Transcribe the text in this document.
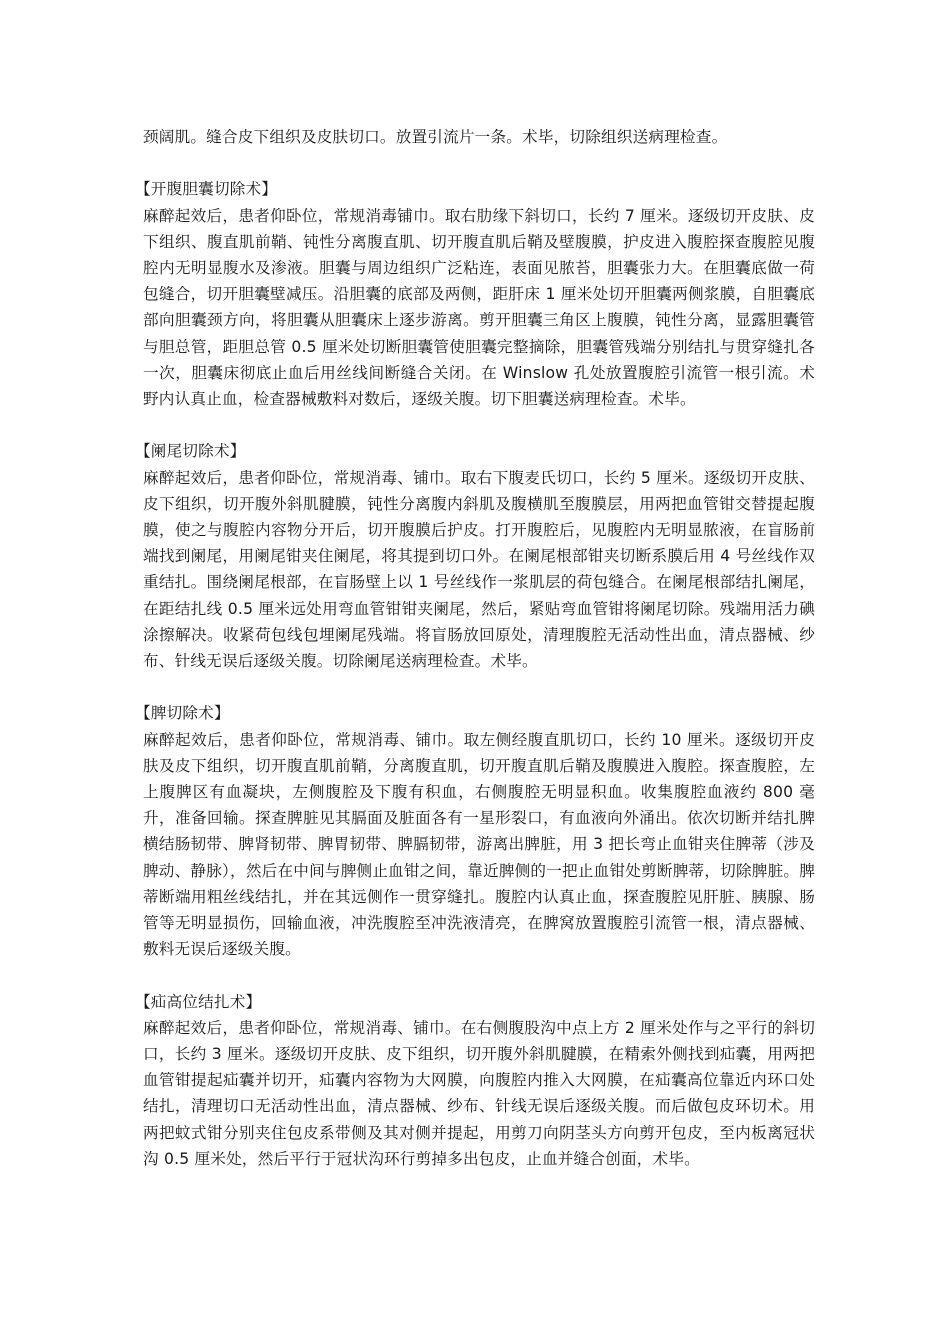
颈阔肌。缝合皮下组织及皮肤切口。放置引流片一条。术毕，切除组织送病理检查。

【开腹胆囊切除术】

麻醉起效后，患者仰卧位，常规消毒铺巾。取右肋缘下斜切口，长约 7 厘米。逐级切开皮肤、皮下组织、腹直肌前鞘、钝性分离腹直肌、切开腹直肌后鞘及壁腹膜，护皮进入腹腔探查腹腔见腹腔内无明显腹水及渗液。胆囊与周边组织广泛粘连，表面见脓苔，胆囊张力大。在胆囊底做一荷包缝合，切开胆囊壁减压。沿胆囊的底部及两侧，距肝床 1 厘米处切开胆囊两侧浆膜，自胆囊底部向胆囊颈方向，将胆囊从胆囊床上逐步游离。剪开胆囊三角区上腹膜，钝性分离，显露胆囊管与胆总管，距胆总管 0.5 厘米处切断胆囊管使胆囊完整摘除，胆囊管残端分别结扎与贯穿缝扎各一次，胆囊床彻底止血后用丝线间断缝合关闭。在 Winslow 孔处放置腹腔引流管一根引流。术野内认真止血，检查器械敷料对数后，逐级关腹。切下胆囊送病理检查。术毕。

【阑尾切除术】

麻醉起效后，患者仰卧位，常规消毒、铺巾。取右下腹麦氏切口，长约 5 厘米。逐级切开皮肤、皮下组织，切开腹外斜肌腱膜，钝性分离腹内斜肌及腹横肌至腹膜层，用两把血管钳交替提起腹膜，使之与腹腔内容物分开后，切开腹膜后护皮。打开腹腔后，见腹腔内无明显脓液，在盲肠前端找到阑尾，用阑尾钳夹住阑尾，将其提到切口外。在阑尾根部钳夹切断系膜后用 4 号丝线作双重结扎。围绕阑尾根部，在盲肠壁上以 1 号丝线作一浆肌层的荷包缝合。在阑尾根部结扎阑尾，在距结扎线 0.5 厘米远处用弯血管钳钳夹阑尾，然后，紧贴弯血管钳将阑尾切除。残端用活力碘涂擦解决。收紧荷包线包埋阑尾残端。将盲肠放回原处，清理腹腔无活动性出血，清点器械、纱布、针线无误后逐级关腹。切除阑尾送病理检查。术毕。

【脾切除术】

麻醉起效后，患者仰卧位，常规消毒、铺巾。取左侧经腹直肌切口，长约 10 厘米。逐级切开皮肤及皮下组织，切开腹直肌前鞘，分离腹直肌，切开腹直肌后鞘及腹膜进入腹腔。探查腹腔，左上腹脾区有血凝块，左侧腹腔及下腹有积血，右侧腹腔无明显积血。收集腹腔血液约 800 毫升，准备回输。探查脾脏见其膈面及脏面各有一星形裂口，有血液向外涌出。依次切断并结扎脾横结肠韧带、脾肾韧带、脾胃韧带、脾膈韧带，游离出脾脏，用 3 把长弯止血钳夹住脾蒂（涉及脾动、静脉），然后在中间与脾侧止血钳之间，靠近脾侧的一把止血钳处剪断脾蒂，切除脾脏。脾蒂断端用粗丝线结扎，并在其远侧作一贯穿缝扎。腹腔内认真止血，探查腹腔见肝脏、胰腺、肠管等无明显损伤，回输血液，冲洗腹腔至冲洗液清亮，在脾窝放置腹腔引流管一根，清点器械、敷料无误后逐级关腹。

【疝高位结扎术】

麻醉起效后，患者仰卧位，常规消毒、铺巾。在右侧腹股沟中点上方 2 厘米处作与之平行的斜切口，长约 3 厘米。逐级切开皮肤、皮下组织，切开腹外斜肌腱膜，在精索外侧找到疝囊，用两把血管钳提起疝囊并切开，疝囊内容物为大网膜，向腹腔内推入大网膜，在疝囊高位靠近内环口处结扎，清理切口无活动性出血，清点器械、纱布、针线无误后逐级关腹。而后做包皮环切术。用两把蚊式钳分别夹住包皮系带侧及其对侧并提起，用剪刀向阴茎头方向剪开包皮，至内板离冠状沟 0.5 厘米处，然后平行于冠状沟环行剪掉多出包皮，止血并缝合创面，术毕。
